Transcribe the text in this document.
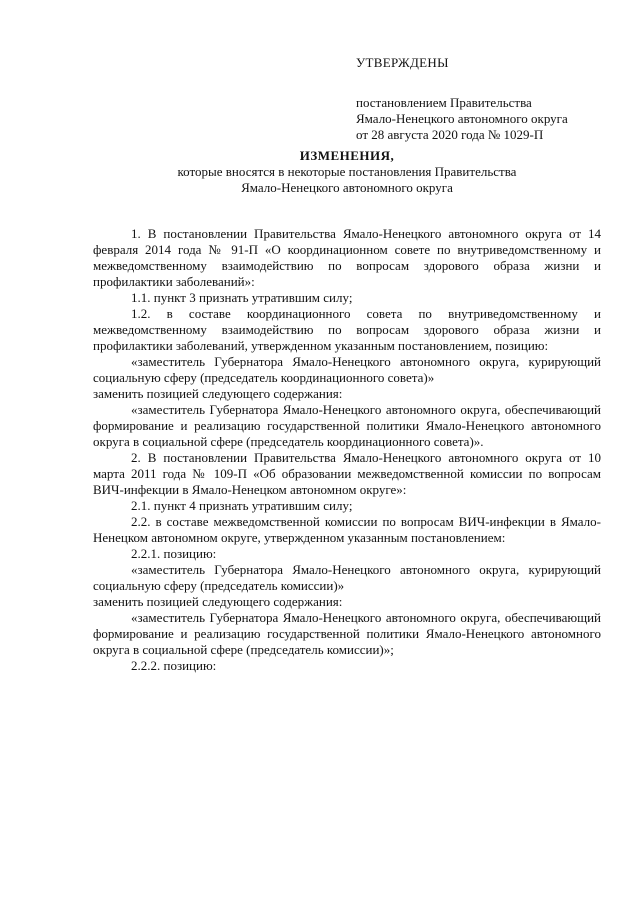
УТВЕРЖДЕНЫ
постановлением Правительства
Ямало-Ненецкого автономного округа
от 28 августа 2020 года № 1029-П
ИЗМЕНЕНИЯ,
которые вносятся в некоторые постановления Правительства
Ямало-Ненецкого автономного округа

1. В постановлении Правительства Ямало-Ненецкого автономного округа от 14 февраля 2014 года № 91-П «О координационном совете по внутриведомственному и межведомственному взаимодействию по вопросам здорового образа жизни и профилактики заболеваний»:

1.1. пункт 3 признать утратившим силу;

1.2. в составе координационного совета по внутриведомственному и межведомственному взаимодействию по вопросам здорового образа жизни и профилактики заболеваний, утвержденном указанным постановлением, позицию:

«заместитель Губернатора Ямало-Ненецкого автономного округа, курирующий социальную сферу (председатель координационного совета)»

заменить позицией следующего содержания:

«заместитель Губернатора Ямало-Ненецкого автономного округа, обеспечивающий формирование и реализацию государственной политики Ямало-Ненецкого автономного округа в социальной сфере (председатель координационного совета)».

2. В постановлении Правительства Ямало-Ненецкого автономного округа от 10 марта 2011 года № 109-П «Об образовании межведомственной комиссии по вопросам ВИЧ-инфекции в Ямало-Ненецком автономном округе»:

2.1. пункт 4 признать утратившим силу;

2.2. в составе межведомственной комиссии по вопросам ВИЧ-инфекции в Ямало-Ненецком автономном округе, утвержденном указанным постановлением:

2.2.1. позицию:

«заместитель Губернатора Ямало-Ненецкого автономного округа, курирующий социальную сферу (председатель комиссии)»

заменить позицией следующего содержания:

«заместитель Губернатора Ямало-Ненецкого автономного округа, обеспечивающий формирование и реализацию государственной политики Ямало-Ненецкого автономного округа в социальной сфере (председатель комиссии)»;

2.2.2. позицию:
